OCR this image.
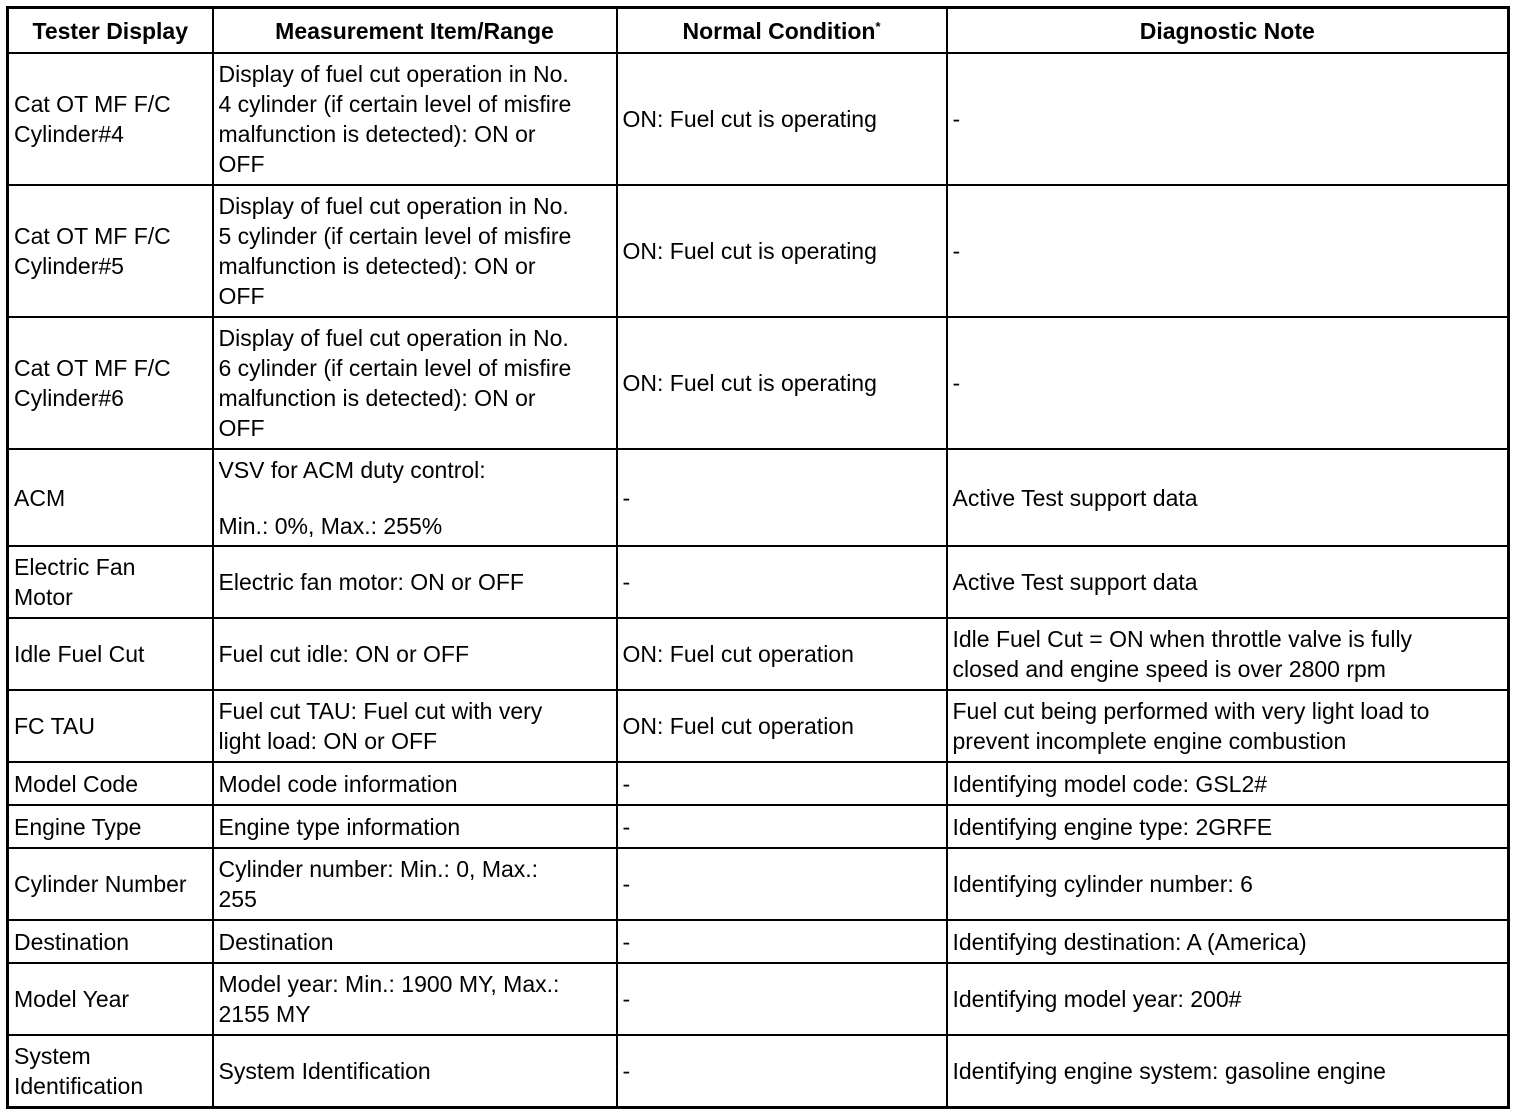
Tester Display	Measurement Item/Range	Normal Condition*	Diagnostic Note

Cat OT MF F/C
Cylinder#4	Display of fuel cut operation in No.
4 cylinder (if certain level of misfire
malfunction is detected): ON or
OFF	ON: Fuel cut is operating	-

Cat OT MF F/C
Cylinder#5	Display of fuel cut operation in No.
5 cylinder (if certain level of misfire
malfunction is detected): ON or
OFF	ON: Fuel cut is operating	-

Cat OT MF F/C
Cylinder#6	Display of fuel cut operation in No.
6 cylinder (if certain level of misfire
malfunction is detected): ON or
OFF	ON: Fuel cut is operating	-

ACM	VSV for ACM duty control:
Min.: 0%, Max.: 255%	-	Active Test support data

Electric Fan
Motor	Electric fan motor: ON or OFF	-	Active Test support data

Idle Fuel Cut	Fuel cut idle: ON or OFF	ON: Fuel cut operation	Idle Fuel Cut = ON when throttle valve is fully
closed and engine speed is over 2800 rpm

FC TAU	Fuel cut TAU: Fuel cut with very
light load: ON or OFF	ON: Fuel cut operation	Fuel cut being performed with very light load to
prevent incomplete engine combustion

Model Code	Model code information	-	Identifying model code: GSL2#

Engine Type	Engine type information	-	Identifying engine type: 2GRFE

Cylinder Number	Cylinder number: Min.: 0, Max.:
255	-	Identifying cylinder number: 6

Destination	Destination	-	Identifying destination: A (America)

Model Year	Model year: Min.: 1900 MY, Max.:
2155 MY	-	Identifying model year: 200#

System
Identification	System Identification	-	Identifying engine system: gasoline engine
